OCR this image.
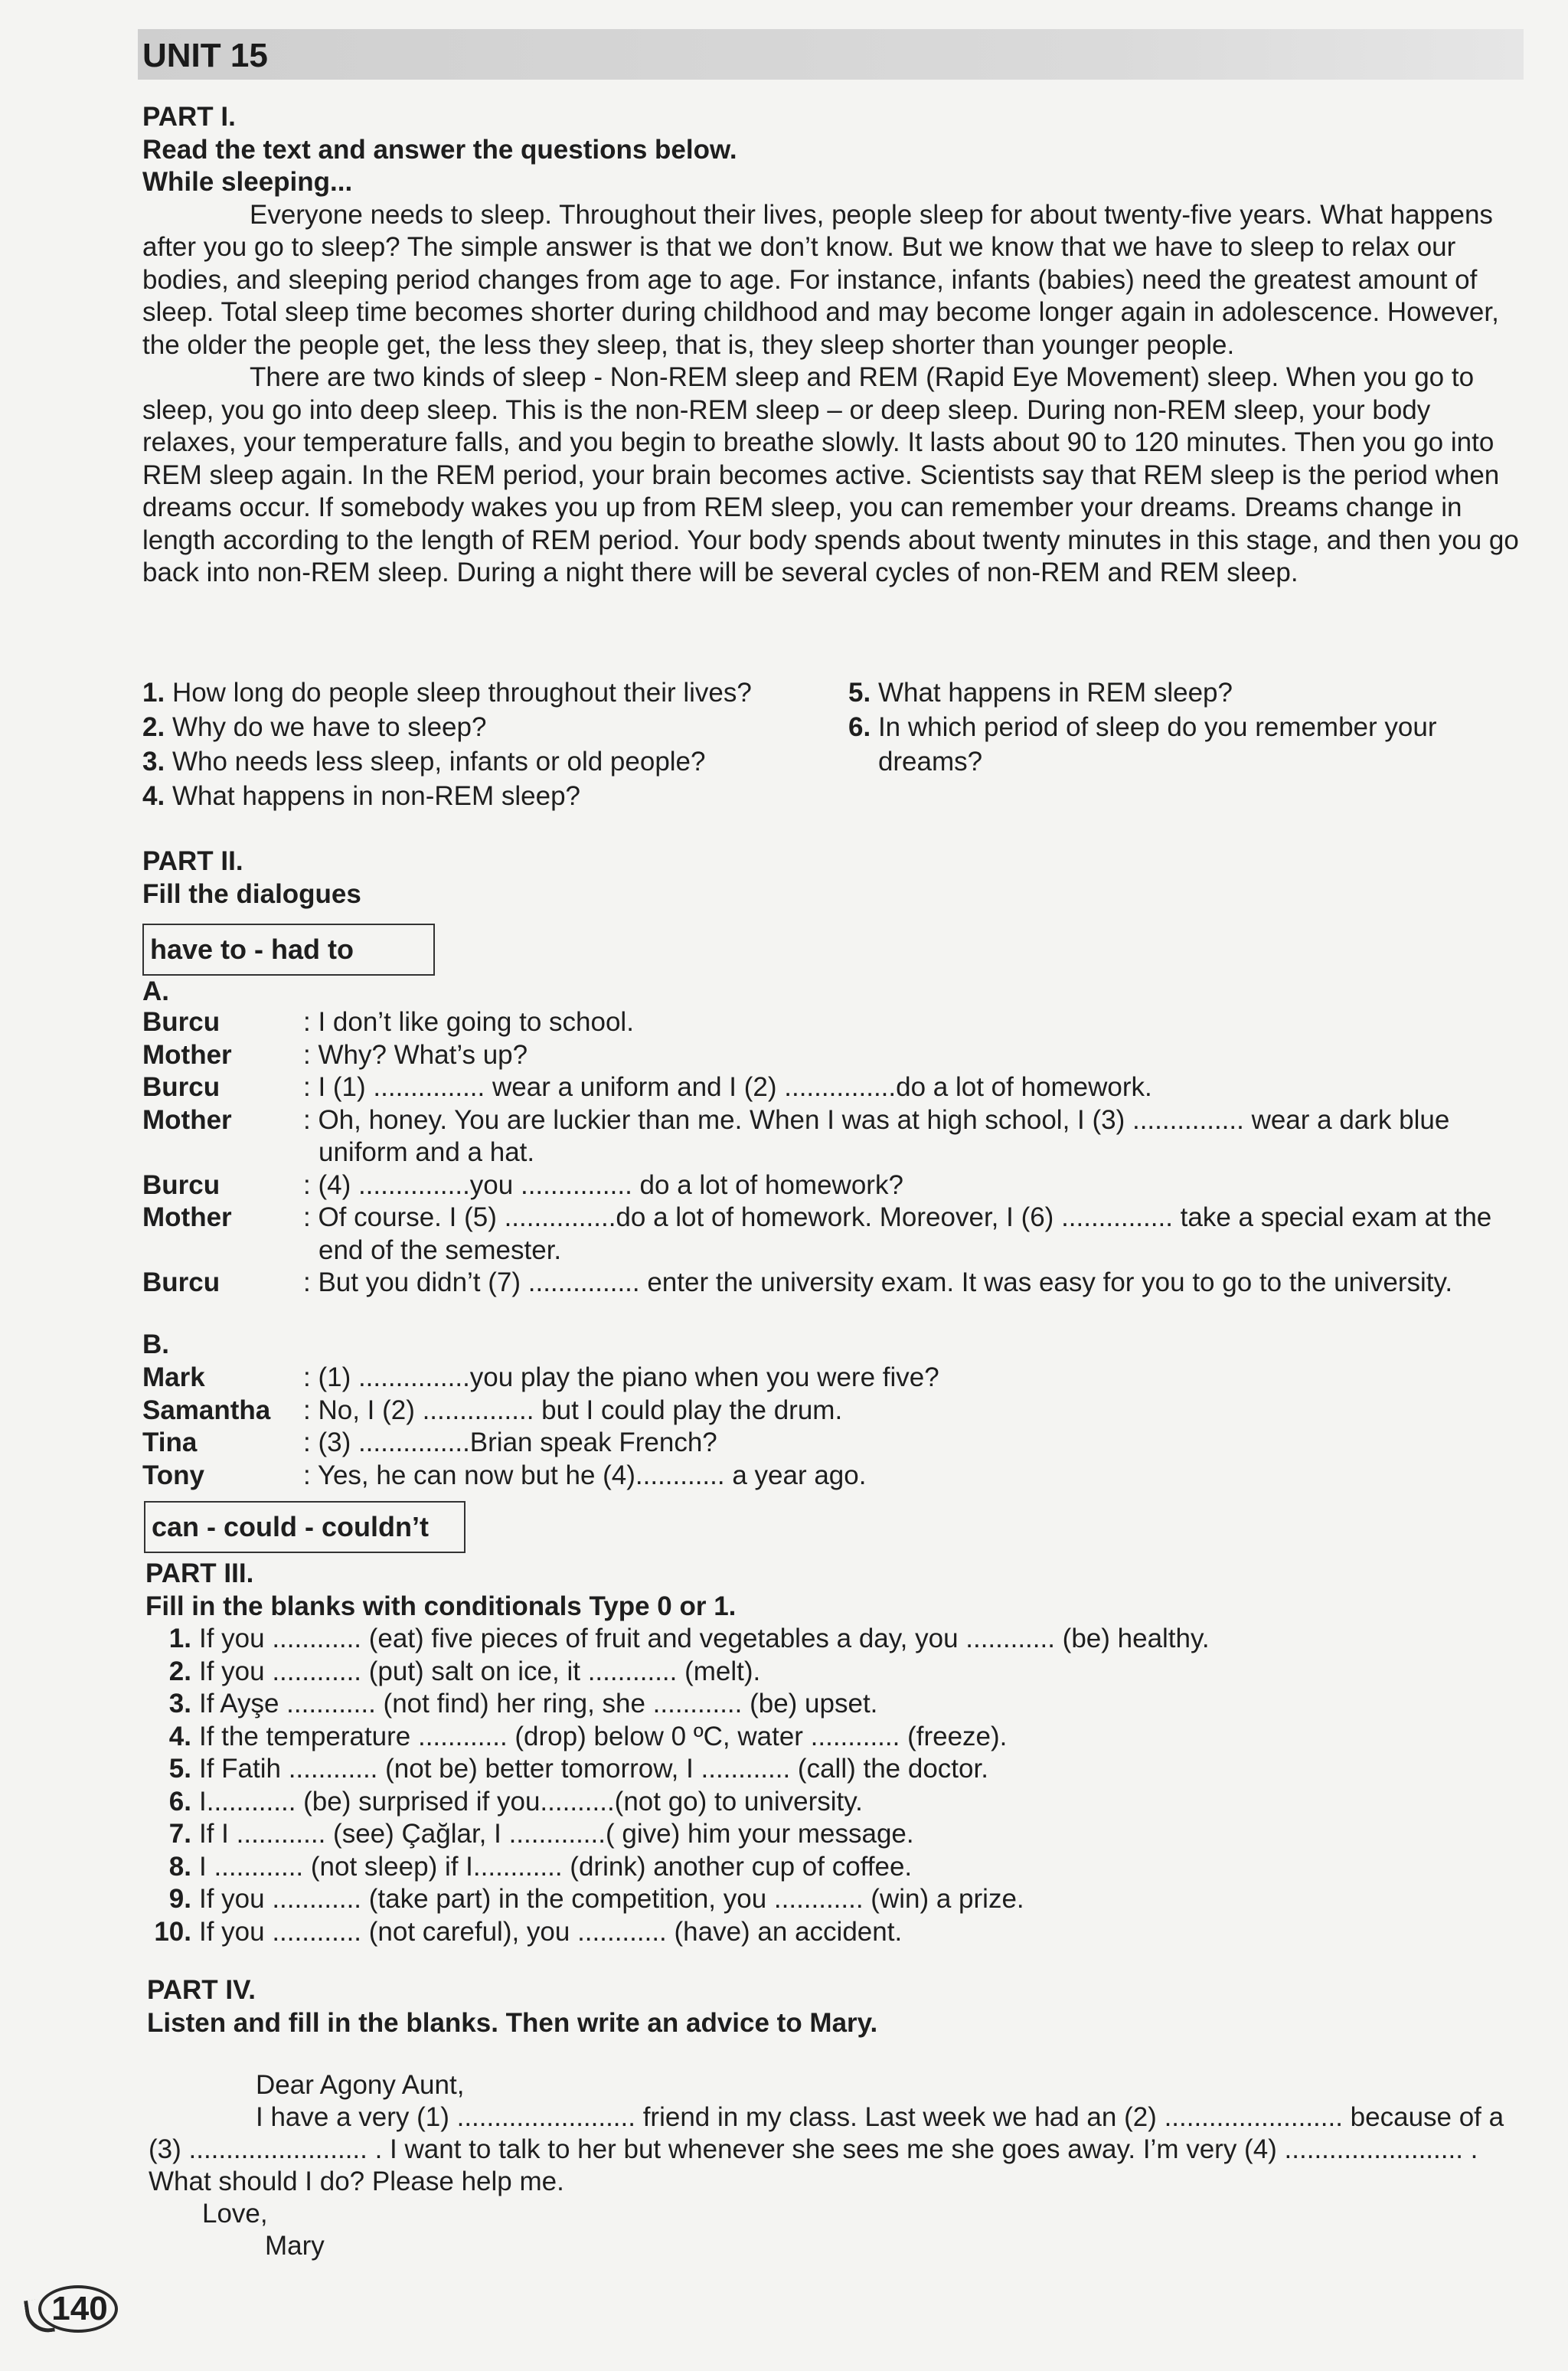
UNIT 15

PART I.

Read the text and answer the questions below.

While sleeping...

Everyone needs to sleep. Throughout their lives, people sleep for about twenty-five years. What happens after you go to sleep? The simple answer is that we don’t know. But we know that we have to sleep to relax our bodies, and sleeping period changes from age to age. For instance, infants (babies) need the greatest amount of sleep. Total sleep time becomes shorter during childhood and may become longer again in adolescence. However, the older the people get, the less they sleep, that is, they sleep shorter than younger people.

There are two kinds of sleep - Non-REM sleep and REM (Rapid Eye Movement) sleep. When you go to sleep, you go into deep sleep. This is the non-REM sleep – or deep sleep. During non-REM sleep, your body relaxes, your temperature falls, and you begin to breathe slowly. It lasts about 90 to 120 minutes. Then you go into REM sleep again. In the REM period, your brain becomes active. Scientists say that REM sleep is the period when dreams occur. If somebody wakes you up from REM sleep, you can remember your dreams. Dreams change in length according to the length of REM period. Your body spends about twenty minutes in this stage, and then you go back into non-REM sleep. During a night there will be several cycles of non-REM and REM sleep.

1.
How long do people sleep throughout their lives?
2.
Why do we have to sleep?
3.
Who needs less sleep, infants or old people?
4.
What happens in non-REM sleep?
5.
What happens in REM sleep?
6.
In which period of sleep do you remember your dreams?

PART II.

Fill the dialogues

have to - had to
A.
Burcu	: I don’t like going to school.
Mother	: Why? What’s up?
Burcu	: I (1) ............... wear a uniform and I (2) ...............do a lot of homework.
Mother	: Oh, honey. You are luckier than me. When I was at high school, I (3) ............... wear a dark blue uniform and a hat.
Burcu	: (4) ...............you ............... do a lot of homework?
Mother	: Of course. I (5) ...............do a lot of homework. Moreover, I (6) ............... take a special exam at the end of the semester.
Burcu	: But you didn’t (7) ............... enter the university exam. It was easy for you to go to the university.
B.
Mark	: (1) ...............you play the piano when you were five?
Samantha	: No, I (2) ............... but I could play the drum.
Tina	: (3) ...............Brian speak French?
Tony	: Yes, he can now but he (4)............ a year ago.
can - could - couldn’t

PART III.

Fill in the blanks with conditionals Type 0 or 1.

1. If you ............ (eat) five pieces of fruit and vegetables a day, you ............ (be) healthy.
2. If you ............ (put) salt on ice, it ............ (melt).
3. If Ayşe ............ (not find) her ring, she ............ (be) upset.
4. If the temperature ............ (drop) below 0 ºC, water ............ (freeze).
5. If Fatih ............ (not be) better tomorrow, I ............ (call) the doctor.
6. I............ (be) surprised if you..........(not go) to university.
7. If I ............ (see) Çağlar, I .............( give) him your message.
8. I ............ (not sleep) if I............ (drink) another cup of coffee.
9. If you ............ (take part) in the competition, you ............ (win) a prize.
10. If you ............ (not careful), you ............ (have) an accident.

PART IV.

Listen and fill in the blanks. Then write an advice to Mary.

Dear Agony Aunt,

I have a very (1) ........................ friend in my class. Last week we had an (2) ........................ because of a (3) ........................ . I want to talk to her but whenever she sees me she goes away. I’m very (4) ........................ . What should I do? Please help me.

Love,

Mary

140
